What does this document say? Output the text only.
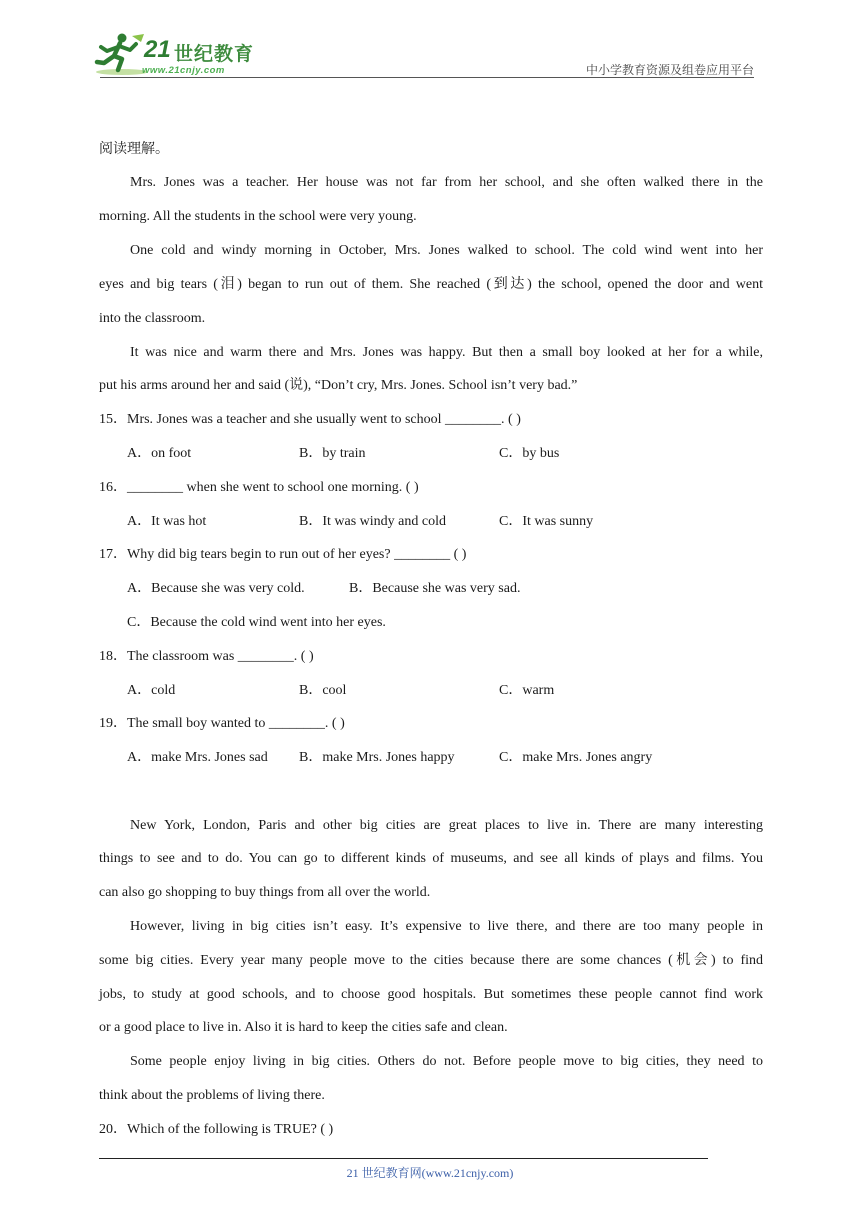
21 世纪教育
www.21cnjy.com	中小学教育资源及组卷应用平台
阅读理解。
Mrs. Jones was a teacher. Her house was not far from her school, and she often walked there in the
morning. All the students in the school were very young.
One cold and windy morning in October, Mrs. Jones walked to school. The cold wind went into her
eyes and big tears (泪) began to run out of them. She reached (到达) the school, opened the door and went
into the classroom.
It was nice and warm there and Mrs. Jones was happy. But then a small boy looked at her for a while,
put his arms around her and said (说), “Don’t cry, Mrs. Jones. School isn’t very bad.”
15．Mrs. Jones was a teacher and she usually went to school ________. ( )
A．on foot	B．by train	C．by bus
16．________ when she went to school one morning. ( )
A．It was hot	B．It was windy and cold	C．It was sunny
17．Why did big tears begin to run out of her eyes? ________ ( )
A．Because she was very cold.	B．Because she was very sad.
C．Because the cold wind went into her eyes.
18．The classroom was ________. ( )
A．cold	B．cool	C．warm
19．The small boy wanted to ________. ( )
A．make Mrs. Jones sad B．make Mrs. Jones happy	C．make Mrs. Jones angry
New York, London, Paris and other big cities are great places to live in. There are many interesting
things to see and to do. You can go to different kinds of museums, and see all kinds of plays and films. You
can also go shopping to buy things from all over the world.
However, living in big cities isn’t easy. It’s expensive to live there, and there are too many people in
some big cities. Every year many people move to the cities because there are some chances (机会) to find
jobs, to study at good schools, and to choose good hospitals. But sometimes these people cannot find work
or a good place to live in. Also it is hard to keep the cities safe and clean.
Some people enjoy living in big cities. Others do not. Before people move to big cities, they need to
think about the problems of living there.
20．Which of the following is TRUE? ( )
21 世纪教育网(www.21cnjy.com)
